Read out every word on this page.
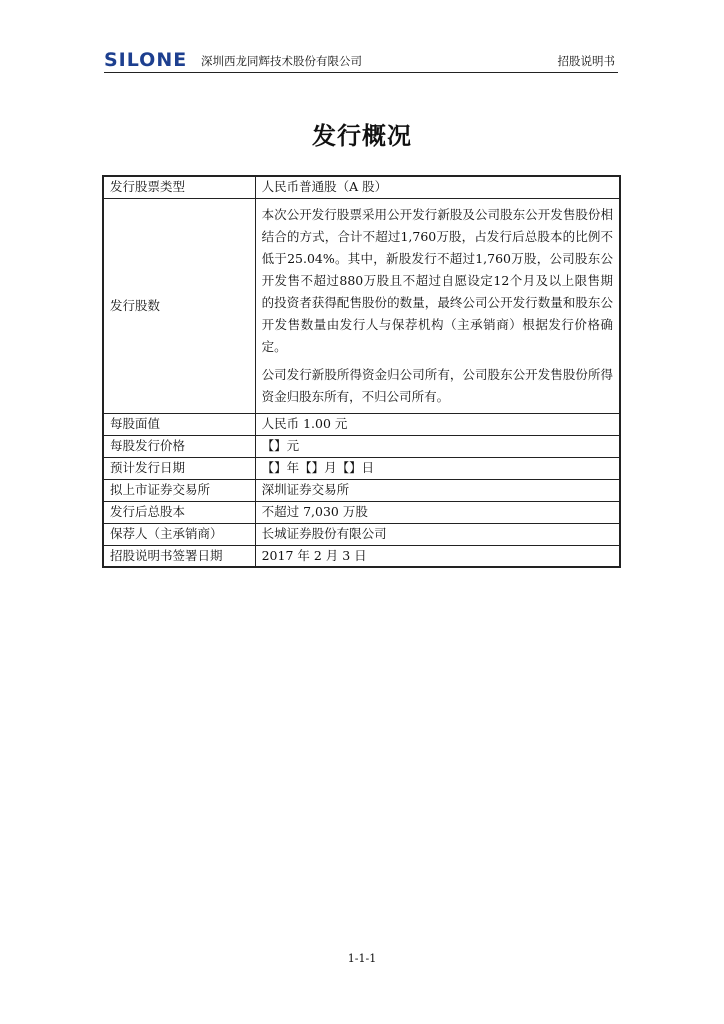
SILONE 深圳西龙同辉技术股份有限公司	招股说明书
发行概况
发行股票类型	人民币普通股（A 股）
发行股数	本次公开发行股票采用公开发行新股及公司股东公开发售股份相结合的方式，合计不超过1,760万股，占发行后总股本的比例不低于25.04%。其中，新股发行不超过1,760万股，公司股东公开发售不超过880万股且不超过自愿设定12个月及以上限售期的投资者获得配售股份的数量，最终公司公开发行数量和股东公开发售数量由发行人与保荐机构（主承销商）根据发行价格确定。

公司发行新股所得资金归公司所有，公司股东公开发售股份所得资金归股东所有，不归公司所有。

每股面值	人民币 1.00 元
每股发行价格	【】元
预计发行日期	【】年【】月【】日
拟上市证券交易所	深圳证券交易所
发行后总股本	不超过 7,030 万股
保荐人（主承销商）	长城证券股份有限公司
招股说明书签署日期	2017 年 2 月 3 日
1-1-1
